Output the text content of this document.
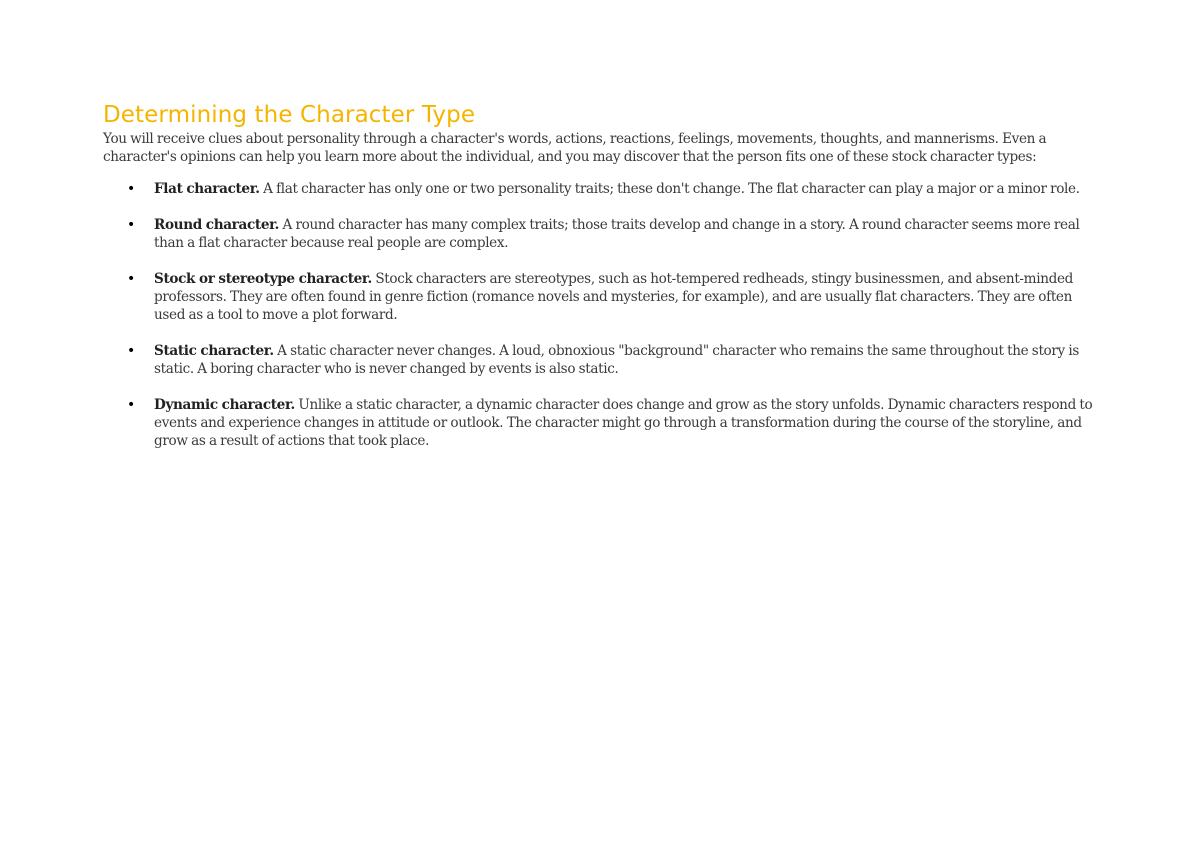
Determining the Character Type

You will receive clues about personality through a character's words, actions, reactions, feelings, movements, thoughts, and mannerisms. Even a character's opinions can help you learn more about the individual, and you may discover that the person fits one of these stock character types:

• Flat character. A flat character has only one or two personality traits; these don't change. The flat character can play a major or a minor role.
• Round character. A round character has many complex traits; those traits develop and change in a story. A round character seems more real than a flat character because real people are complex.
• Stock or stereotype character. Stock characters are stereotypes, such as hot-tempered redheads, stingy businessmen, and absent-minded professors. They are often found in genre fiction (romance novels and mysteries, for example), and are usually flat characters. They are often used as a tool to move a plot forward.
• Static character. A static character never changes. A loud, obnoxious "background" character who remains the same throughout the story is static. A boring character who is never changed by events is also static.
• Dynamic character. Unlike a static character, a dynamic character does change and grow as the story unfolds. Dynamic characters respond to events and experience changes in attitude or outlook. The character might go through a transformation during the course of the storyline, and grow as a result of actions that took place.
